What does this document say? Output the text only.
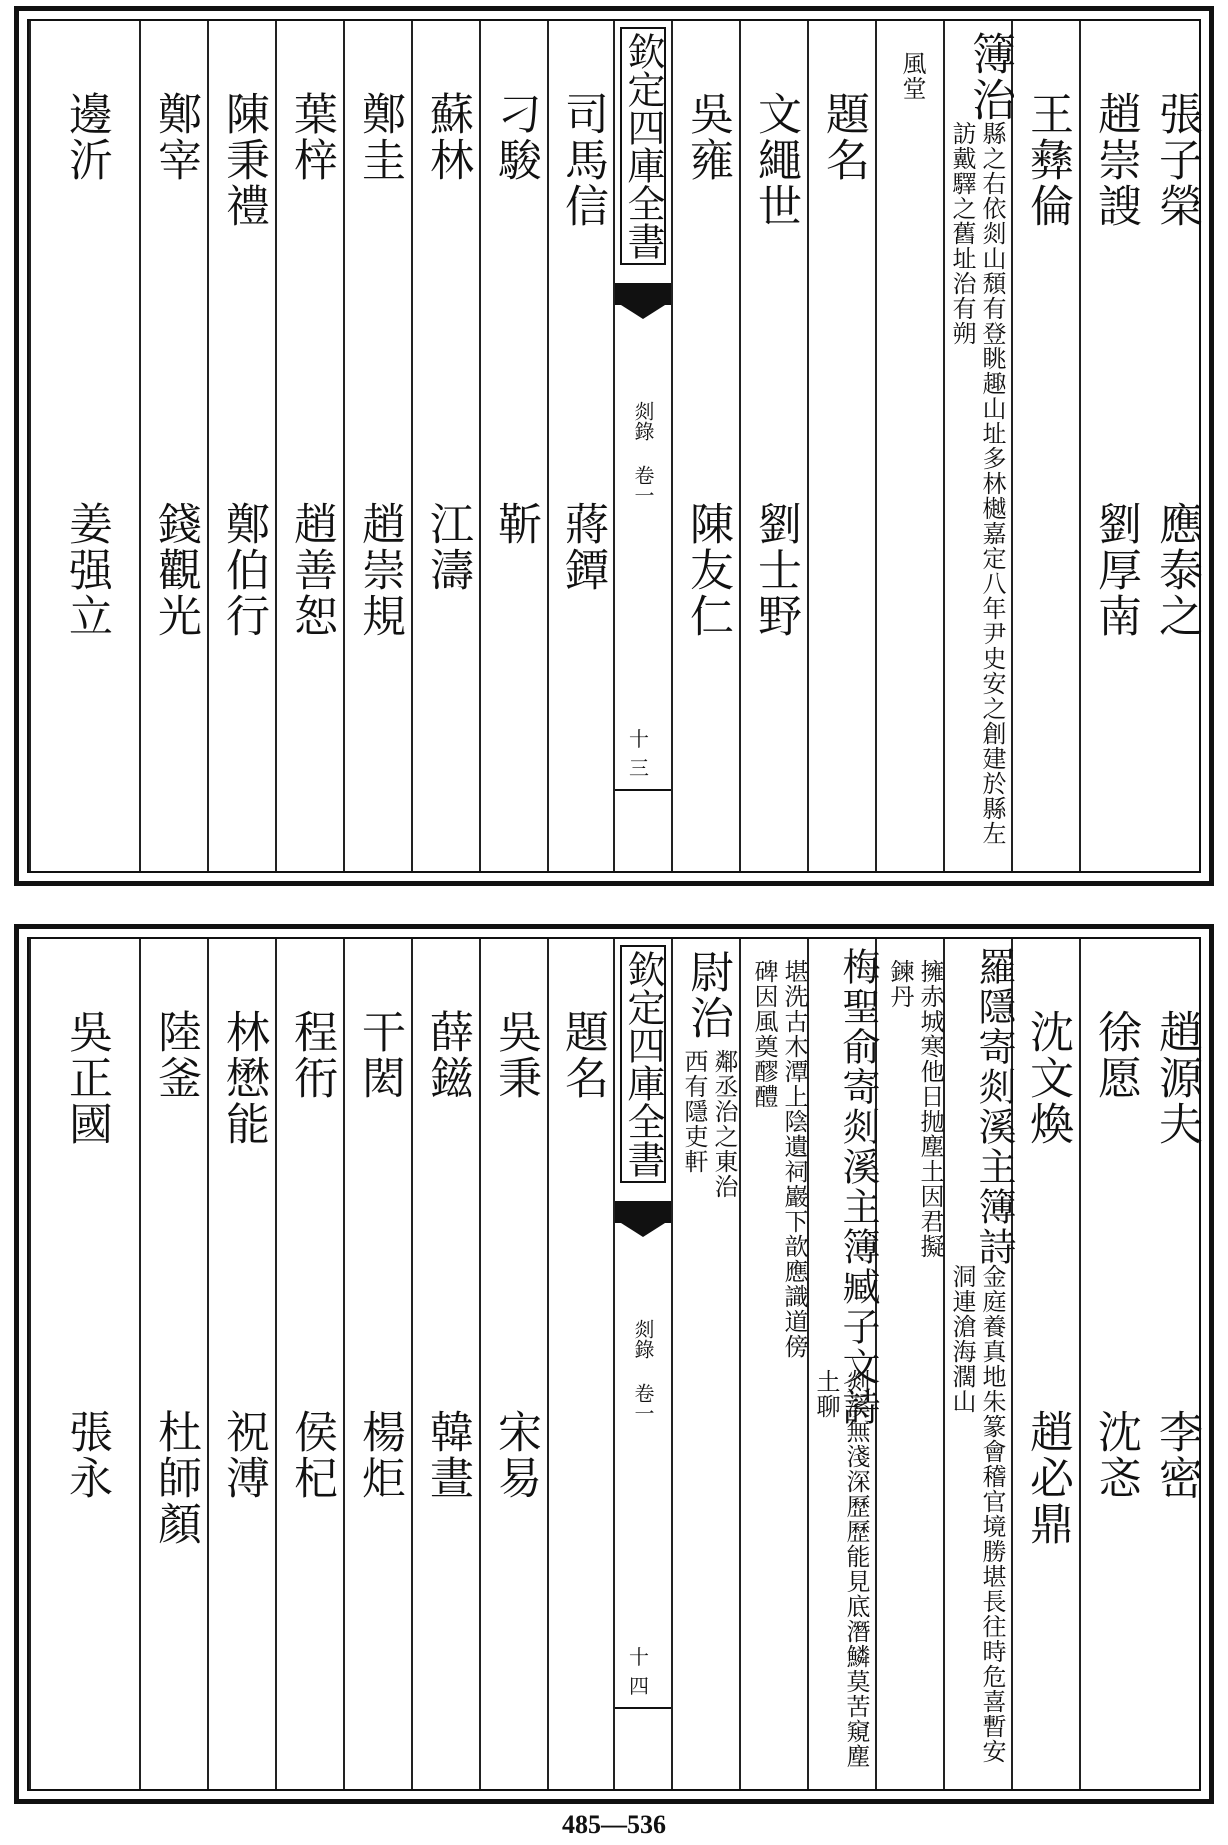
張子榮
應泰之
趙崇謏
劉厚南
王彝倫
簿治
縣之右依剡山頹有登眺趣山址多林樾嘉定八年尹史安之創建於縣左訪戴驛之舊址治有朔
風堂
題名
文繩世
劉士野
吳雍
陳友仁
欽定四庫全書
剡錄 卷一
十三
司馬信
蔣鐔
刁駿
靳
蘇林
江濤
鄭圭
趙崇規
葉梓
趙善恕
陳秉禮
鄭伯行
鄭宰
錢觀光
邊沂
姜强立
趙源夫
李密
徐愿
沈忞
沈文煥
趙必鼎
羅隱寄剡溪主簿詩
金庭養真地朱篆會稽官境勝堪長往時危喜暫安洞連滄海濶山
擁赤城寒他日抛塵土因君擬鍊丹
梅聖俞寄剡溪主簿臧子文詩
剡溪無淺深歷歷能見底潛鱗莫苦窺塵土聊
堪洗古木潭上陰遺祠巖下歆應識道傍碑因風奠醪醴
尉治
鄰丞治之東治西有隱吏軒
欽定四庫全書
剡錄 卷一
十四
題名
吳秉
宋易
薛鎡
韓晝
干閎
楊炬
程衎
侯杞
林懋能
祝溥
陸釜
杜師顏
吳正國
張永
485—536
